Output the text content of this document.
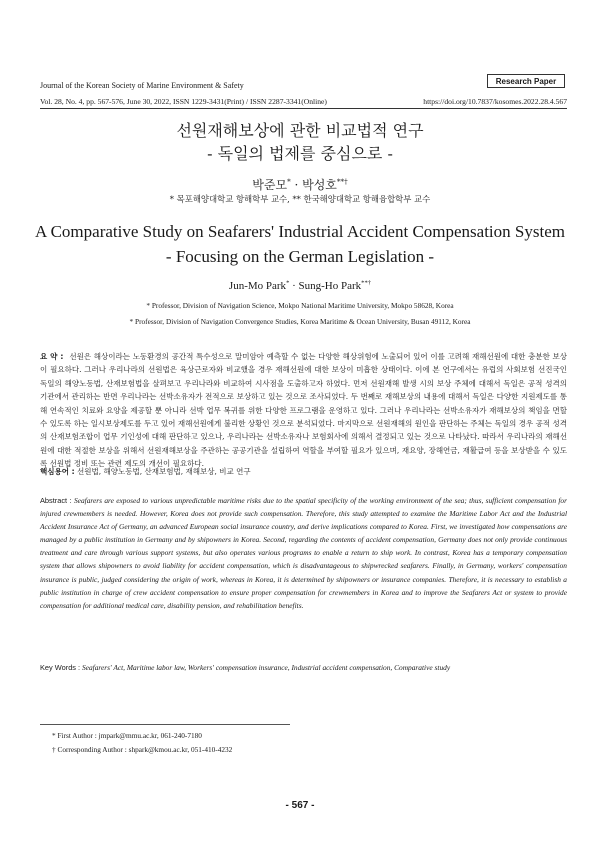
Journal of the Korean Society of Marine Environment & Safety	Research Paper
Vol. 28, No. 4, pp. 567-576, June 30, 2022, ISSN 1229-3431(Print) / ISSN 2287-3341(Online)	https://doi.org/10.7837/kosomes.2022.28.4.567
선원재해보상에 관한 비교법적 연구
- 독일의 법제를 중심으로 -
박준모* · 박성호**†
* 목포해양대학교 항해학부 교수, ** 한국해양대학교 항해융합학부 교수
A Comparative Study on Seafarers' Industrial Accident Compensation System
- Focusing on the German Legislation -
Jun-Mo Park* · Sung-Ho Park**†
* Professor, Division of Navigation Science, Mokpo National Maritime University, Mokpo 58628, Korea
* Professor, Division of Navigation Convergence Studies, Korea Maritime & Ocean University, Busan 49112, Korea
요 약 : 선원은 해상이라는 노동환경의 공간적 특수성으로 말미암아 예측할 수 없는 다양한 해상위험에 노출되어 있어 이를 고려해 재해선원에 대한 충분한 보상이 필요하다. 그러나 우리나라의 선원법은 육상근로자와 비교했을 경우 재해선원에 대한 보상이 미흡한 상태이다. 이에 본 연구에서는 유럽의 사회보험 선진국인 독일의 해양노동법, 산재보험법을 살펴보고 우리나라와 비교하여 시사점을 도출하고자 하였다. 먼저 선원재해 발생 시의 보상 주체에 대해서 독일은 공적 성격의 기관에서 관리하는 반면 우리나라는 선박소유자가 전적으로 보상하고 있는 것으로 조사되었다. 두 번째로 재해보상의 내용에 대해서 독일은 다양한 지원제도를 통해 연속적인 치료와 요양을 제공할 뿐 아니라 선박 업무 복귀를 위한 다양한 프로그램을 운영하고 있다. 그러나 우리나라는 선박소유자가 재해보상의 책임을 면할 수 있도록 하는 일시보상제도를 두고 있어 재해선원에게 불리한 상황인 것으로 분석되었다. 마지막으로 선원재해의 원인을 판단하는 주체는 독일의 경우 공적 성격의 산재보험조합이 업무 기인성에 대해 판단하고 있으나, 우리나라는 선박소유자나 보험회사에 의해서 결정되고 있는 것으로 나타났다. 따라서 우리나라의 재해선원에 대한 적절한 보상을 위해서 선원재해보상을 주관하는 공공기관을 설립하여 역할을 부여할 필요가 있으며, 재요양, 장해연금, 재활급여 등을 보상받을 수 있도록 선원법 정비 또는 관련 제도의 개선이 필요하다.
핵심용어 : 선원법, 해양노동법, 산재보험법, 재해보상, 비교 연구
Abstract : Seafarers are exposed to various unpredictable maritime risks due to the spatial specificity of the working environment of the sea; thus, sufficient compensation for injured crewmembers is needed. However, Korea does not provide such compensation. Therefore, this study attempted to examine the Maritime Labor Act and the Industrial Accident Insurance Act of Germany, an advanced European social insurance country, and derive implications compared to Korea. First, we investigated how compensations are managed by a public institution in Germany and by shipowners in Korea. Second, regarding the contents of accident compensation, Germany does not only provide continuous treatment and care through various support systems, but also operates various programs to enable a return to ship work. In contrast, Korea has a temporary compensation system that allows shipowners to avoid liability for accident compensation, which is disadvantageous to shipwrecked seafarers. Finally, in Germany, workers' compensation insurance is public, judged considering the origin of work, whereas in Korea, it is determined by shipowners or insurance companies. Therefore, it is necessary to establish a public institution in charge of crew accident compensation to ensure proper compensation for crewmembers in Korea and to improve the Seafarers Act or system to provide compensation for additional medical care, disability pension, and rehabilitation benefits.
Key Words : Seafarers' Act, Maritime labor law, Workers' compensation insurance, Industrial accident compensation, Comparative study
* First Author : jmpark@mmu.ac.kr, 061-240-7180
† Corresponding Author : shpark@kmou.ac.kr, 051-410-4232
- 567 -
